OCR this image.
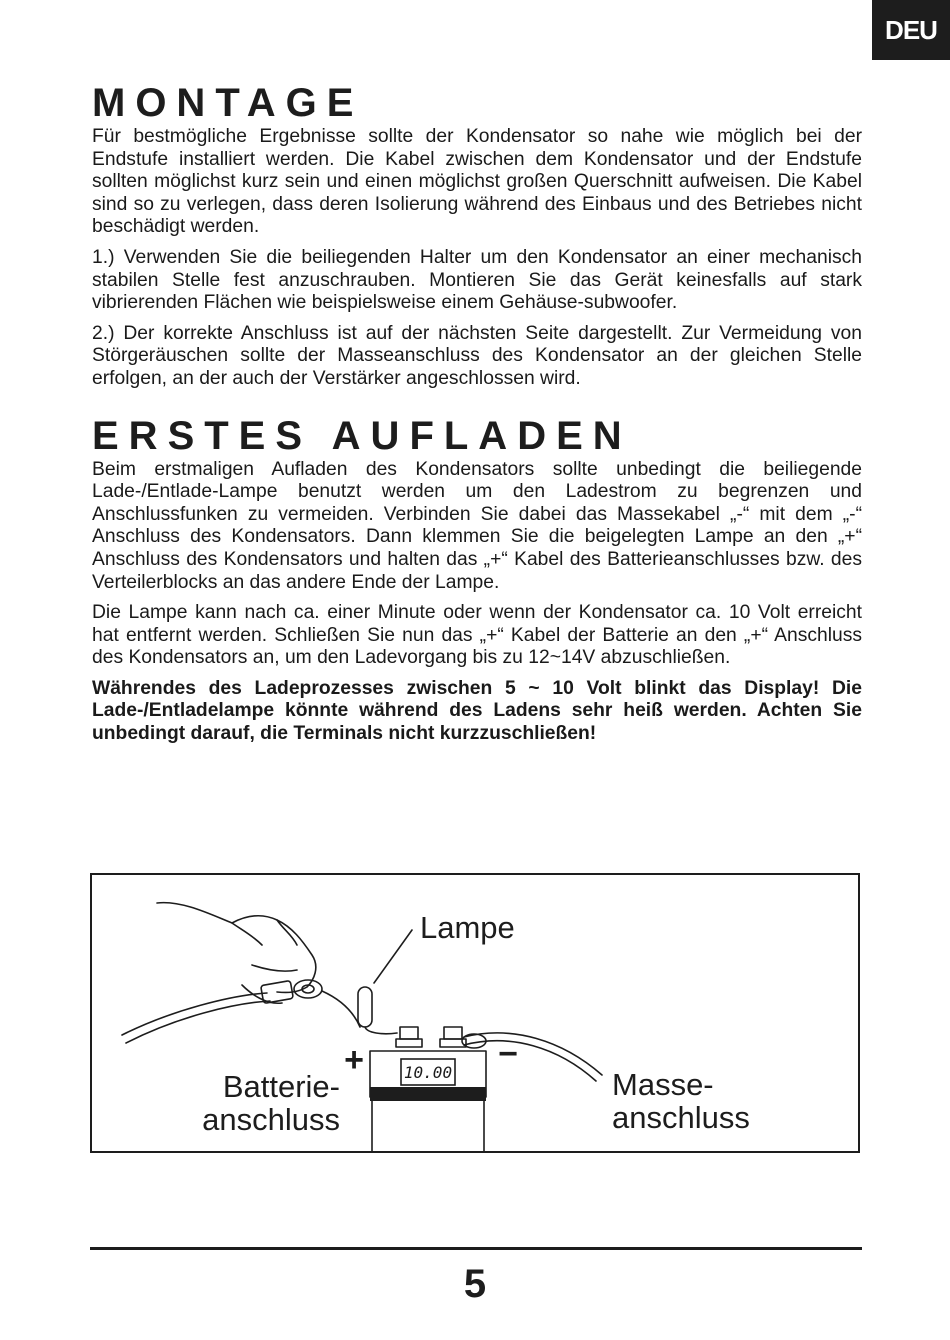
DEU
MONTAGE

Für bestmögliche Ergebnisse sollte der Kondensator so nahe wie möglich bei der Endstufe installiert werden. Die Kabel zwischen dem Kondensator und der Endstufe sollten möglichst kurz sein und einen möglichst großen Querschnitt aufweisen. Die Kabel sind so zu verlegen, dass deren Isolierung während des Einbaus und des Betriebes nicht beschädigt werden.

1.) Verwenden Sie die beiliegenden Halter um den Kondensator an einer mechanisch stabilen Stelle fest anzuschrauben. Montieren Sie das Gerät keinesfalls auf stark vibrierenden Flächen wie beispielsweise einem Gehäuse-subwoofer.

2.) Der korrekte Anschluss ist auf der nächsten Seite dargestellt. Zur Vermeidung von Störgeräuschen sollte der Masseanschluss des Kondensator an der gleichen Stelle erfolgen, an der auch der Verstärker angeschlossen wird.

ERSTES AUFLADEN

Beim erstmaligen Aufladen des Kondensators sollte unbedingt die beiliegende Lade-/Entlade-Lampe benutzt werden um den Ladestrom zu begrenzen und Anschlussfunken zu vermeiden. Verbinden Sie dabei das Massekabel „-“ mit dem „-“ Anschluss des Kondensators. Dann klemmen Sie die beigelegten Lampe an den „+“ Anschluss des Kondensators und halten das „+“ Kabel des Batterieanschlusses bzw. des Verteilerblocks an das andere Ende der Lampe.

Die Lampe kann nach ca. einer Minute oder wenn der Kondensator ca. 10 Volt erreicht hat entfernt werden. Schließen Sie nun das „+“ Kabel der Batterie an den „+“ Anschluss des Kondensators an, um den Ladevorgang bis zu 12~14V abzuschließen.

Währendes des Ladeprozesses zwischen 5 ~ 10 Volt blinkt das Display! Die Lade-/Entladelampe könnte während des Ladens sehr heiß werden. Achten Sie unbedingt darauf, die Terminals nicht kurzzuschließen!

10.00
+	−
Lampe
Batterie-
anschluss
Masse-
anschluss
5
